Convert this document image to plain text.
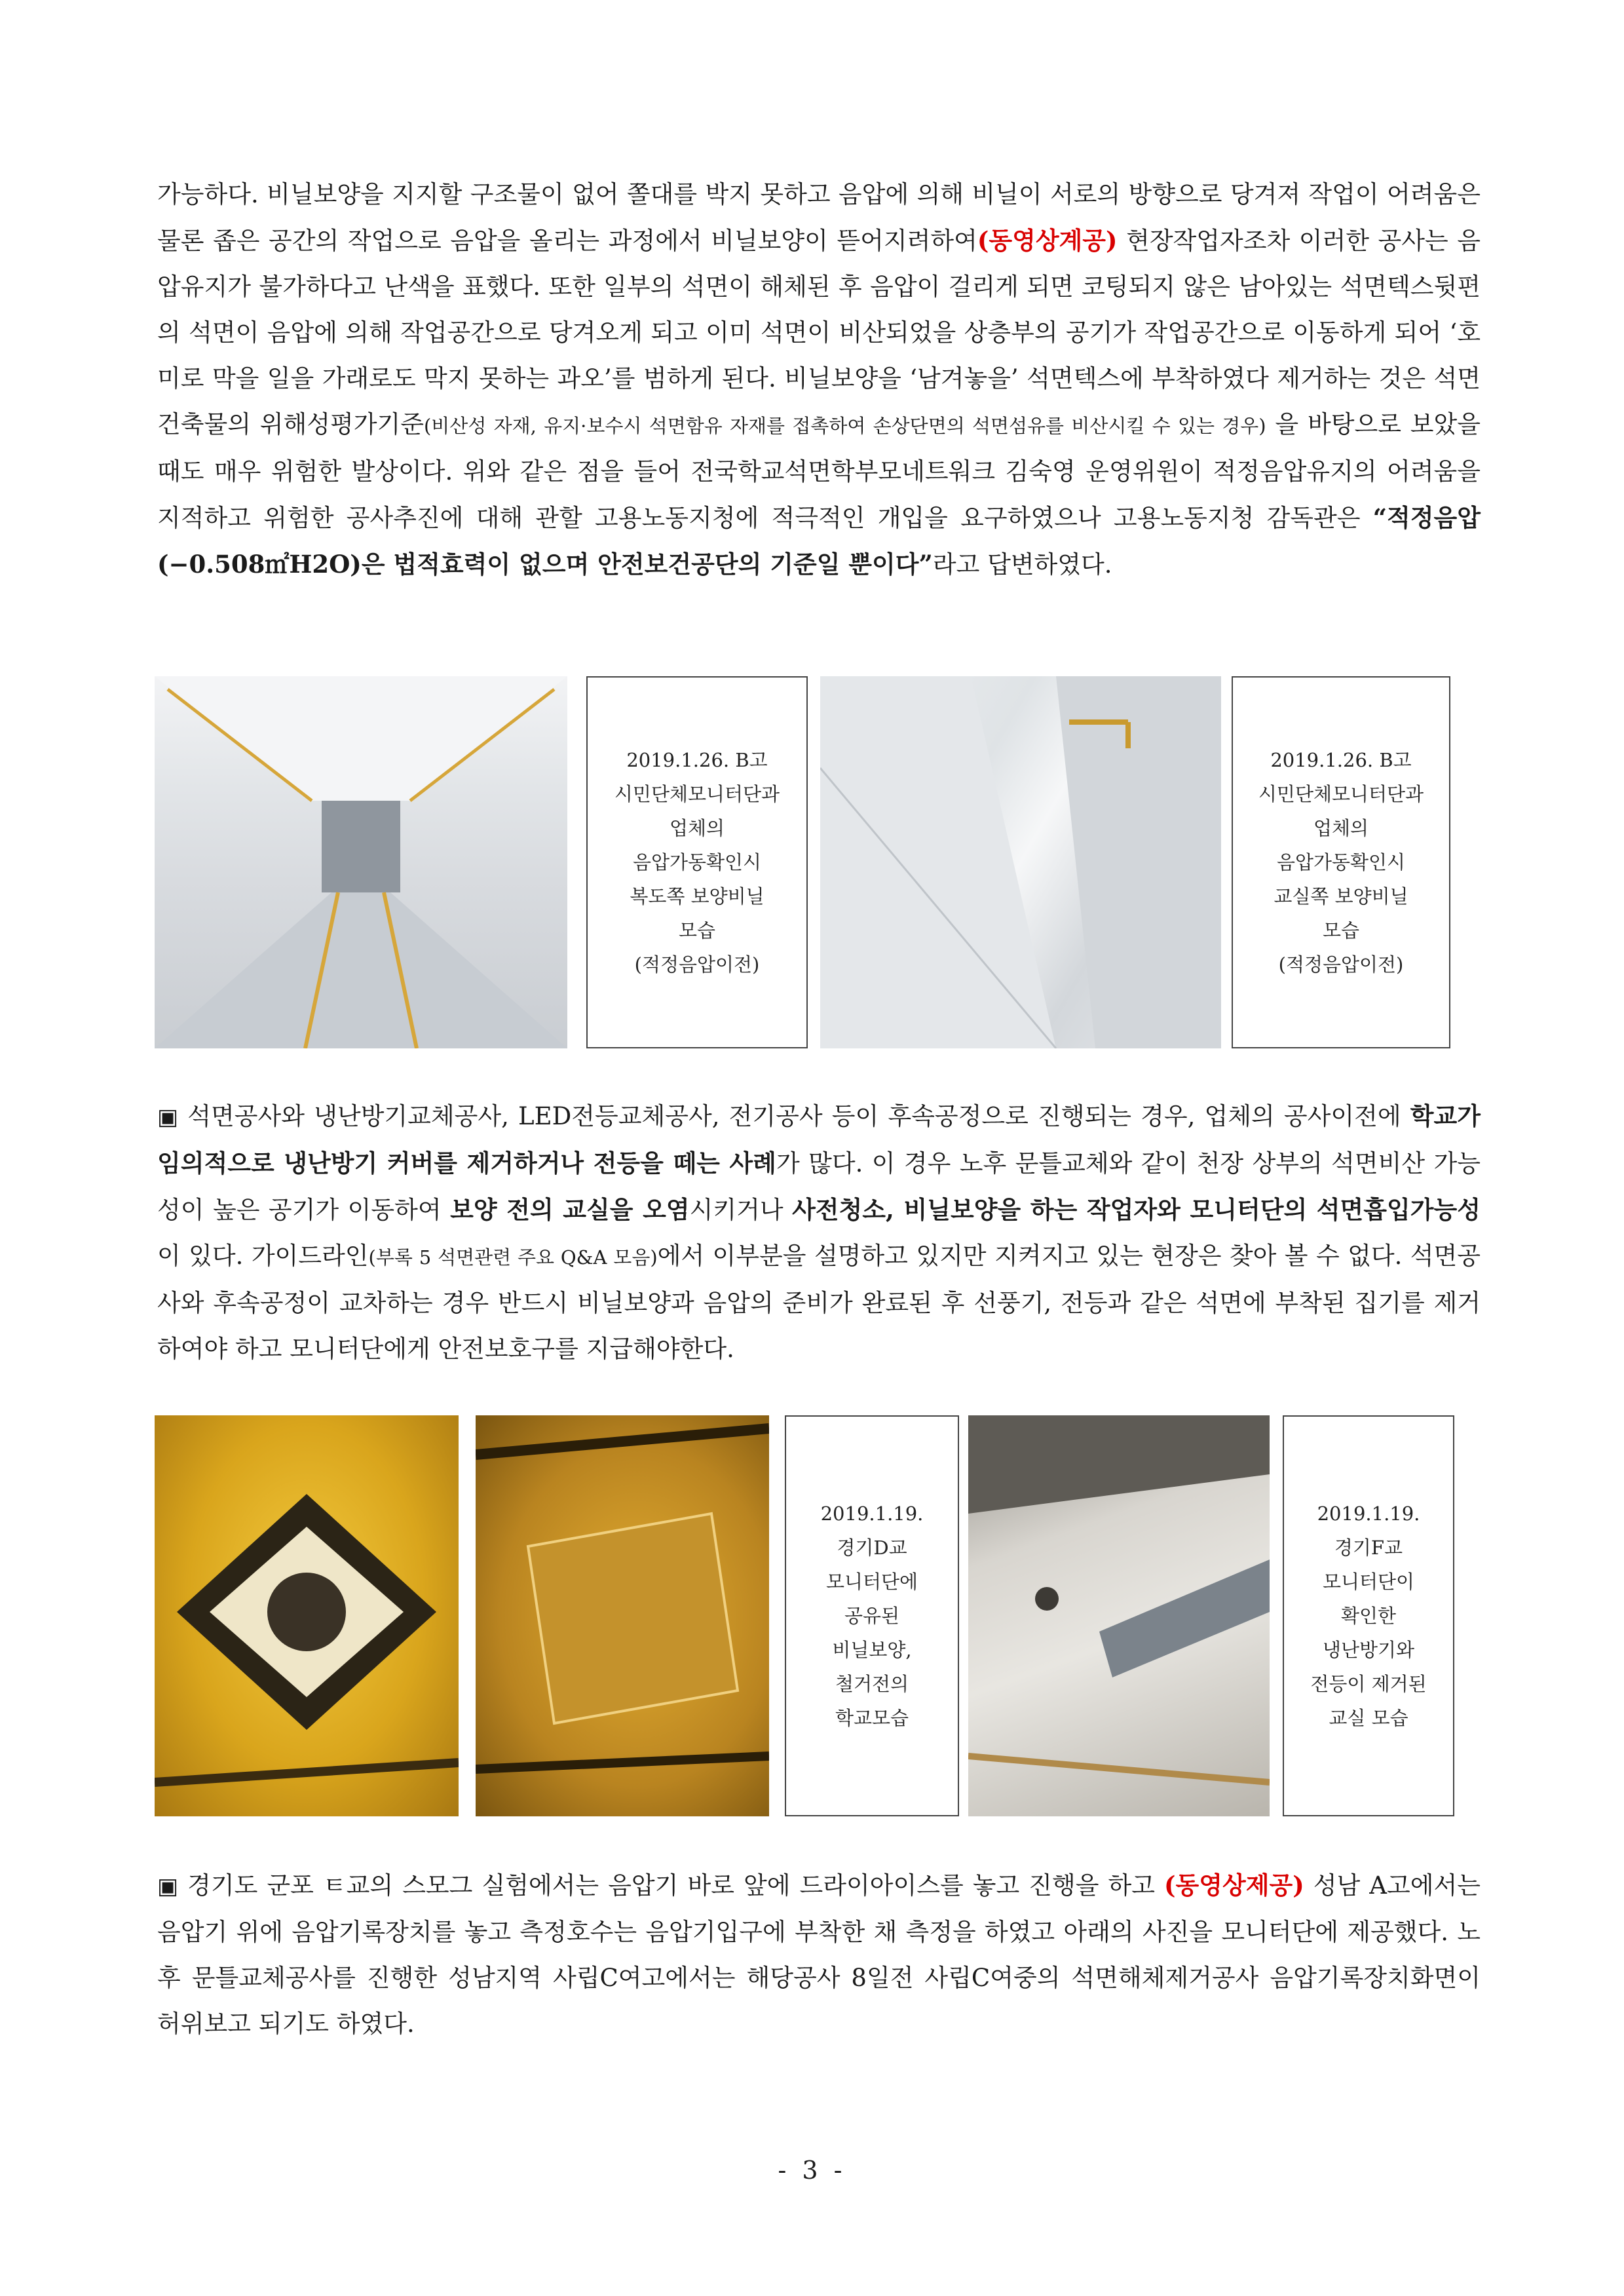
가능하다. 비닐보양을 지지할 구조물이 없어 쫄대를 박지 못하고 음압에 의해 비닐이 서로의 방향으로 당겨져 작업이 어려움은 물론 좁은 공간의 작업으로 음압을 올리는 과정에서 비닐보양이 뜯어지려하여(동영상계공) 현장작업자조차 이러한 공사는 음압유지가 불가하다고 난색을 표했다. 또한 일부의 석면이 해체된 후 음압이 걸리게 되면 코팅되지 않은 남아있는 석면텍스뒷편의 석면이 음압에 의해 작업공간으로 당겨오게 되고 이미 석면이 비산되었을 상층부의 공기가 작업공간으로 이동하게 되어 ‘호미로 막을 일을 가래로도 막지 못하는 과오’를 범하게 된다. 비닐보양을 ‘남겨놓을’ 석면텍스에 부착하였다 제거하는 것은 석면건축물의 위해성평가기준(비산성 자재, 유지·보수시 석면함유 자재를 접촉하여 손상단면의 석면섬유를 비산시킬 수 있는 경우) 을 바탕으로 보았을 때도 매우 위험한 발상이다. 위와 같은 점을 들어 전국학교석면학부모네트워크 김숙영 운영위원이 적정음압유지의 어려움을 지적하고 위험한 공사추진에 대해 관할 고용노동지청에 적극적인 개입을 요구하였으나 고용노동지청 감독관은 “적정음압(−0.508㎡H2O)은 법적효력이 없으며 안전보건공단의 기준일 뿐이다”라고 답변하였다.

2019.1.26. B고
시민단체모니터단과
업체의
음압가동확인시
복도쪽 보양비닐
모습
(적정음압이전)
2019.1.26. B고
시민단체모니터단과
업체의
음압가동확인시
교실쪽 보양비닐
모습
(적정음압이전)

▣ 석면공사와 냉난방기교체공사, LED전등교체공사, 전기공사 등이 후속공정으로 진행되는 경우, 업체의 공사이전에 학교가 임의적으로 냉난방기 커버를 제거하거나 전등을 떼는 사례가 많다. 이 경우 노후 문틀교체와 같이 천장 상부의 석면비산 가능성이 높은 공기가 이동하여 보양 전의 교실을 오염시키거나 사전청소, 비닐보양을 하는 작업자와 모니터단의 석면흡입가능성이 있다. 가이드라인(부록 5 석면관련 주요 Q&A 모음)에서 이부분을 설명하고 있지만 지켜지고 있는 현장은 찾아 볼 수 없다. 석면공사와 후속공정이 교차하는 경우 반드시 비닐보양과 음압의 준비가 완료된 후 선풍기, 전등과 같은 석면에 부착된 집기를 제거하여야 하고 모니터단에게 안전보호구를 지급해야한다.

2019.1.19.
경기D교
모니터단에
공유된
비닐보양,
철거전의
학교모습
2019.1.19.
경기F교
모니터단이
확인한
냉난방기와
전등이 제거된
교실 모습

▣ 경기도 군포 ㅌ교의 스모그 실험에서는 음압기 바로 앞에 드라이아이스를 놓고 진행을 하고 (동영상제공) 성남 A고에서는 음압기 위에 음압기록장치를 놓고 측정호수는 음압기입구에 부착한 채 측정을 하였고 아래의 사진을 모니터단에 제공했다. 노후 문틀교체공사를 진행한 성남지역 사립C여고에서는 해당공사 8일전 사립C여중의 석면해체제거공사 음압기록장치화면이 허위보고 되기도 하였다.

- 3 -
